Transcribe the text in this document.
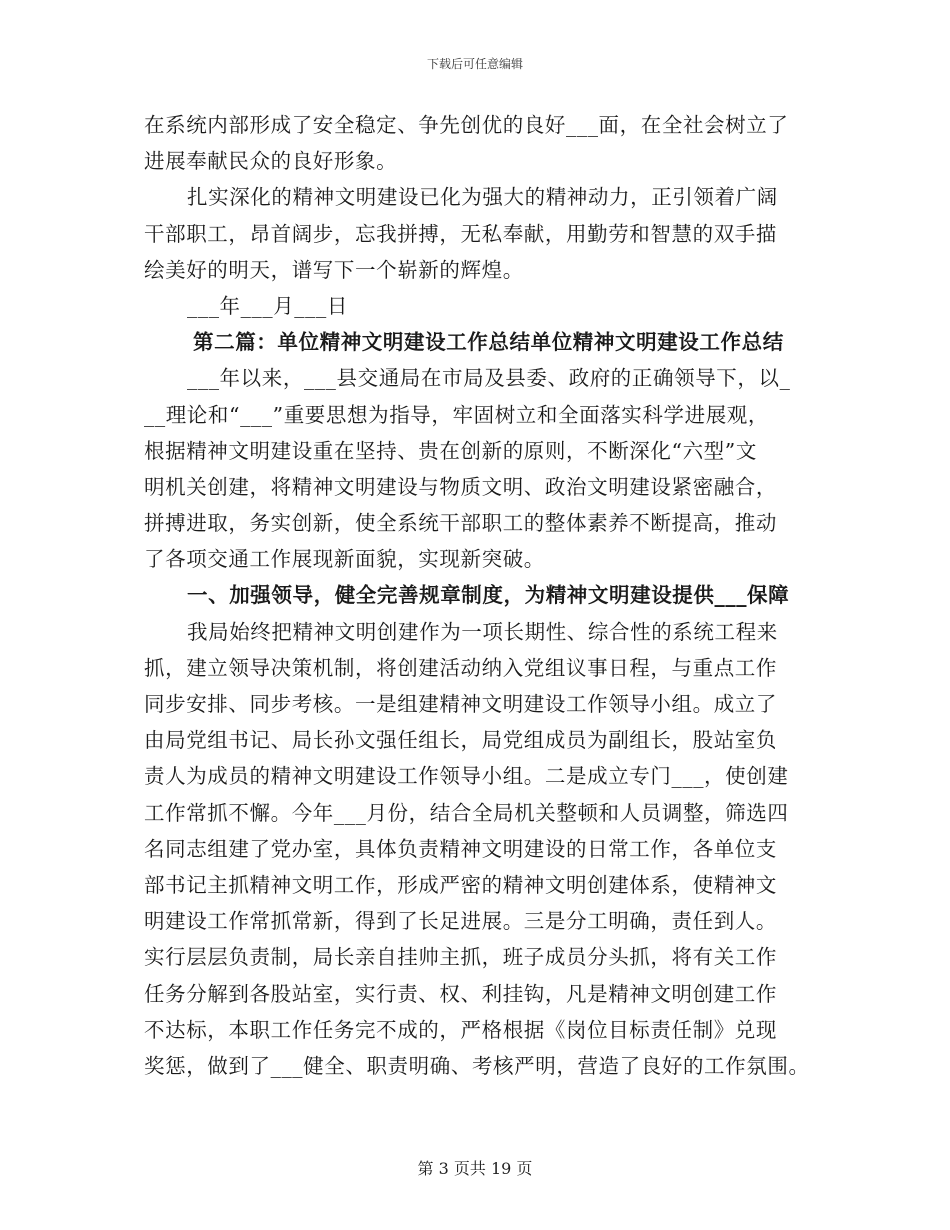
下载后可任意编辑
在系统内部形成了安全稳定、争先创优的良好___面，在全社会树立了
进展奉献民众的良好形象。
扎实深化的精神文明建设已化为强大的精神动力，正引领着广阔
干部职工，昂首阔步，忘我拼搏，无私奉献，用勤劳和智慧的双手描
绘美好的明天，谱写下一个崭新的辉煌。
___年___月___日
第二篇：单位精神文明建设工作总结单位精神文明建设工作总结
___年以来，___县交通局在市局及县委、政府的正确领导下，以_
__理论和“___”重要思想为指导，牢固树立和全面落实科学进展观，
根据精神文明建设重在坚持、贵在创新的原则，不断深化“六型”文
明机关创建，将精神文明建设与物质文明、政治文明建设紧密融合，
拼搏进取，务实创新，使全系统干部职工的整体素养不断提高，推动
了各项交通工作展现新面貌，实现新突破。
一、加强领导，健全完善规章制度，为精神文明建设提供___保障
我局始终把精神文明创建作为一项长期性、综合性的系统工程来
抓，建立领导决策机制，将创建活动纳入党组议事日程，与重点工作
同步安排、同步考核。一是组建精神文明建设工作领导小组。成立了
由局党组书记、局长孙文强任组长，局党组成员为副组长，股站室负
责人为成员的精神文明建设工作领导小组。二是成立专门___，使创建
工作常抓不懈。今年___月份，结合全局机关整顿和人员调整，筛选四
名同志组建了党办室，具体负责精神文明建设的日常工作，各单位支
部书记主抓精神文明工作，形成严密的精神文明创建体系，使精神文
明建设工作常抓常新，得到了长足进展。三是分工明确，责任到人。
实行层层负责制，局长亲自挂帅主抓，班子成员分头抓，将有关工作
任务分解到各股站室，实行责、权、利挂钩，凡是精神文明创建工作
不达标，本职工作任务完不成的，严格根据《岗位目标责任制》兑现
奖惩，做到了___健全、职责明确、考核严明，营造了良好的工作氛围。
第 3 页共 19 页
